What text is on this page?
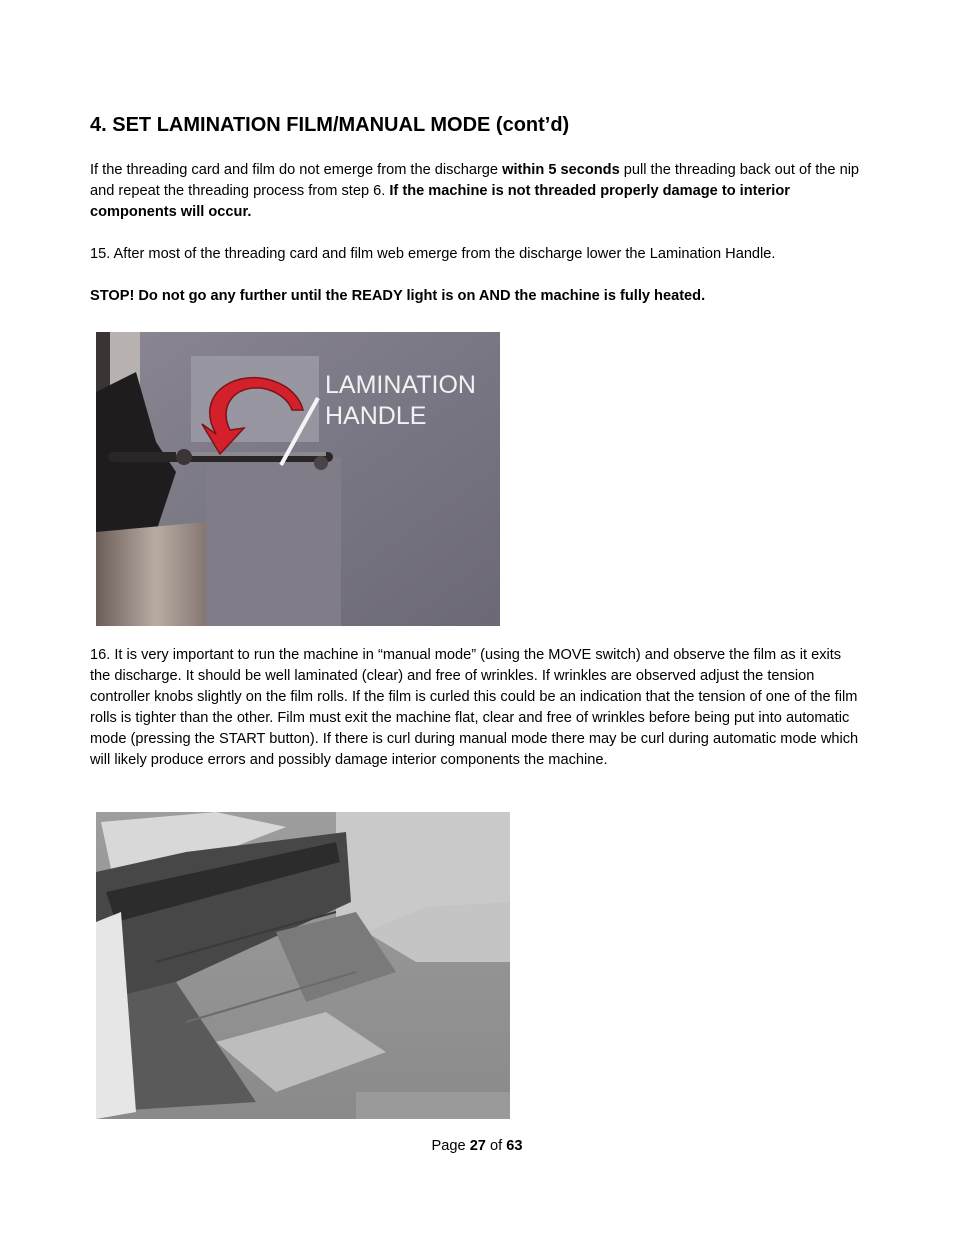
4. SET LAMINATION FILM/MANUAL MODE (cont’d)

If the threading card and film do not emerge from the discharge within 5 seconds pull the threading back out of the nip and repeat the threading process from step 6. If the machine is not threaded properly damage to interior components will occur.

15. After most of the threading card and film web emerge from the discharge lower the Lamination Handle.

STOP! Do not go any further until the READY light is on AND the machine is fully heated.

LAMINATION
HANDLE

16. It is very important to run the machine in “manual mode” (using the MOVE switch) and observe the film as it exits the discharge. It should be well laminated (clear) and free of wrinkles. If wrinkles are observed adjust the tension controller knobs slightly on the film rolls. If the film is curled this could be an indication that the tension of one of the film rolls is tighter than the other. Film must exit the machine flat, clear and free of wrinkles before being put into automatic mode (pressing the START button). If there is curl during manual mode there may be curl during automatic mode which will likely produce errors and possibly damage interior components the machine.

Page 27 of 63
